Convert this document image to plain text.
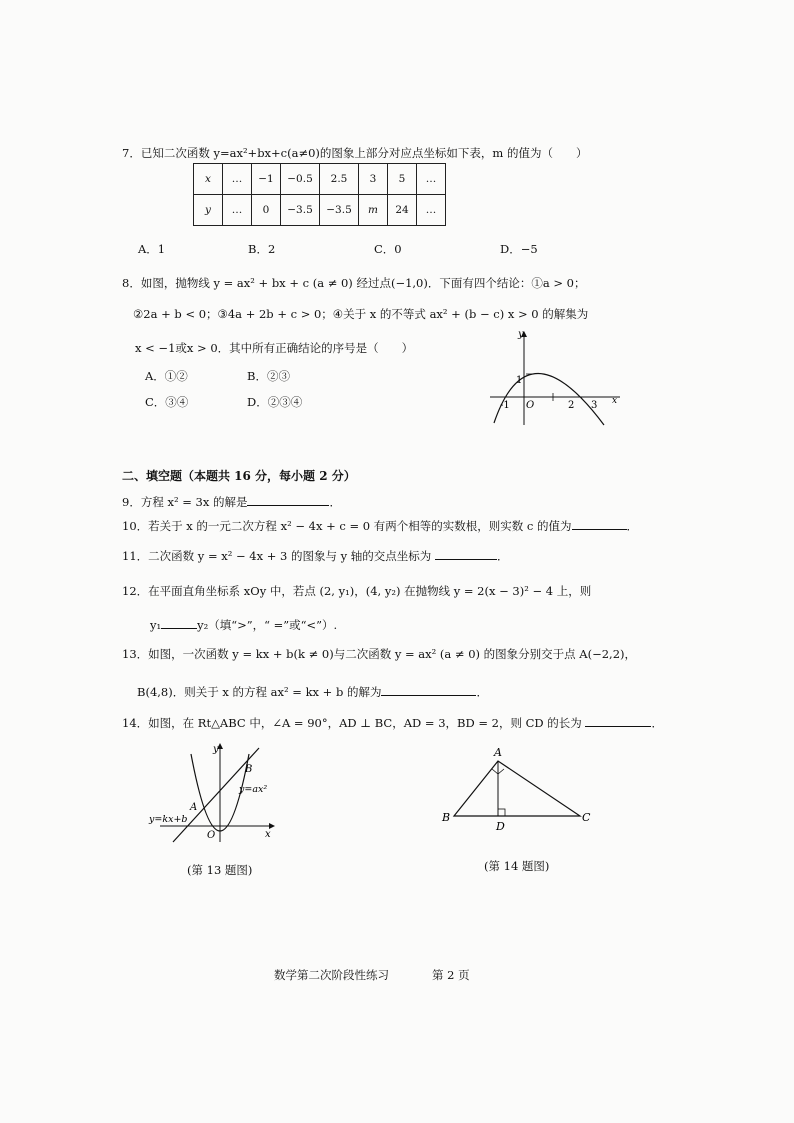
7．已知二次函数 y=ax²+bx+c(a≠0)的图象上部分对应点坐标如下表，m 的值为（　　）
x	…	−1	−0.5	2.5	3	5	…
y	…	0	−3.5	−3.5	m	24	…
A．1	B．2	C．0	D．−5
8．如图，抛物线 y = ax² + bx + c (a ≠ 0) 经过点(−1,0)．下面有四个结论：①a > 0；
②2a + b < 0；③4a + 2b + c > 0；④关于 x 的不等式 ax² + (b − c) x > 0 的解集为
x < −1或x > 0．其中所有正确结论的序号是（　　）
A．①②	B．②③
C．③④	D．②③④
y
x
O
1
-1	2 3
二、填空题（本题共 16 分，每小题 2 分）
9．方程 x² = 3x 的解是	．
10．若关于 x 的一元二次方程 x² − 4x + c = 0 有两个相等的实数根，则实数 c 的值为	．
11．二次函数 y = x² − 4x + 3 的图象与 y 轴的交点坐标为	．
12．在平面直角坐标系 xOy 中，若点 (2, y₁)，(4, y₂) 在抛物线 y = 2(x − 3)² − 4 上，则
y₁	y₂（填“>”，“ =”或“<”）.
13．如图，一次函数 y = kx + b(k ≠ 0)与二次函数 y = ax² (a ≠ 0) 的图象分别交于点 A(−2,2)，
B(4,8)．则关于 x 的方程 ax² = kx + b 的解为	．
14．如图，在 Rt△ABC 中，∠A = 90°，AD ⊥ BC，AD = 3，BD = 2，则 CD 的长为	．
y
x
O
A
B
y=kx+b
y=ax²
(第 13 题图)
A
B	C
D
(第 14 题图)
数学第二次阶段性练习	第 2 页
